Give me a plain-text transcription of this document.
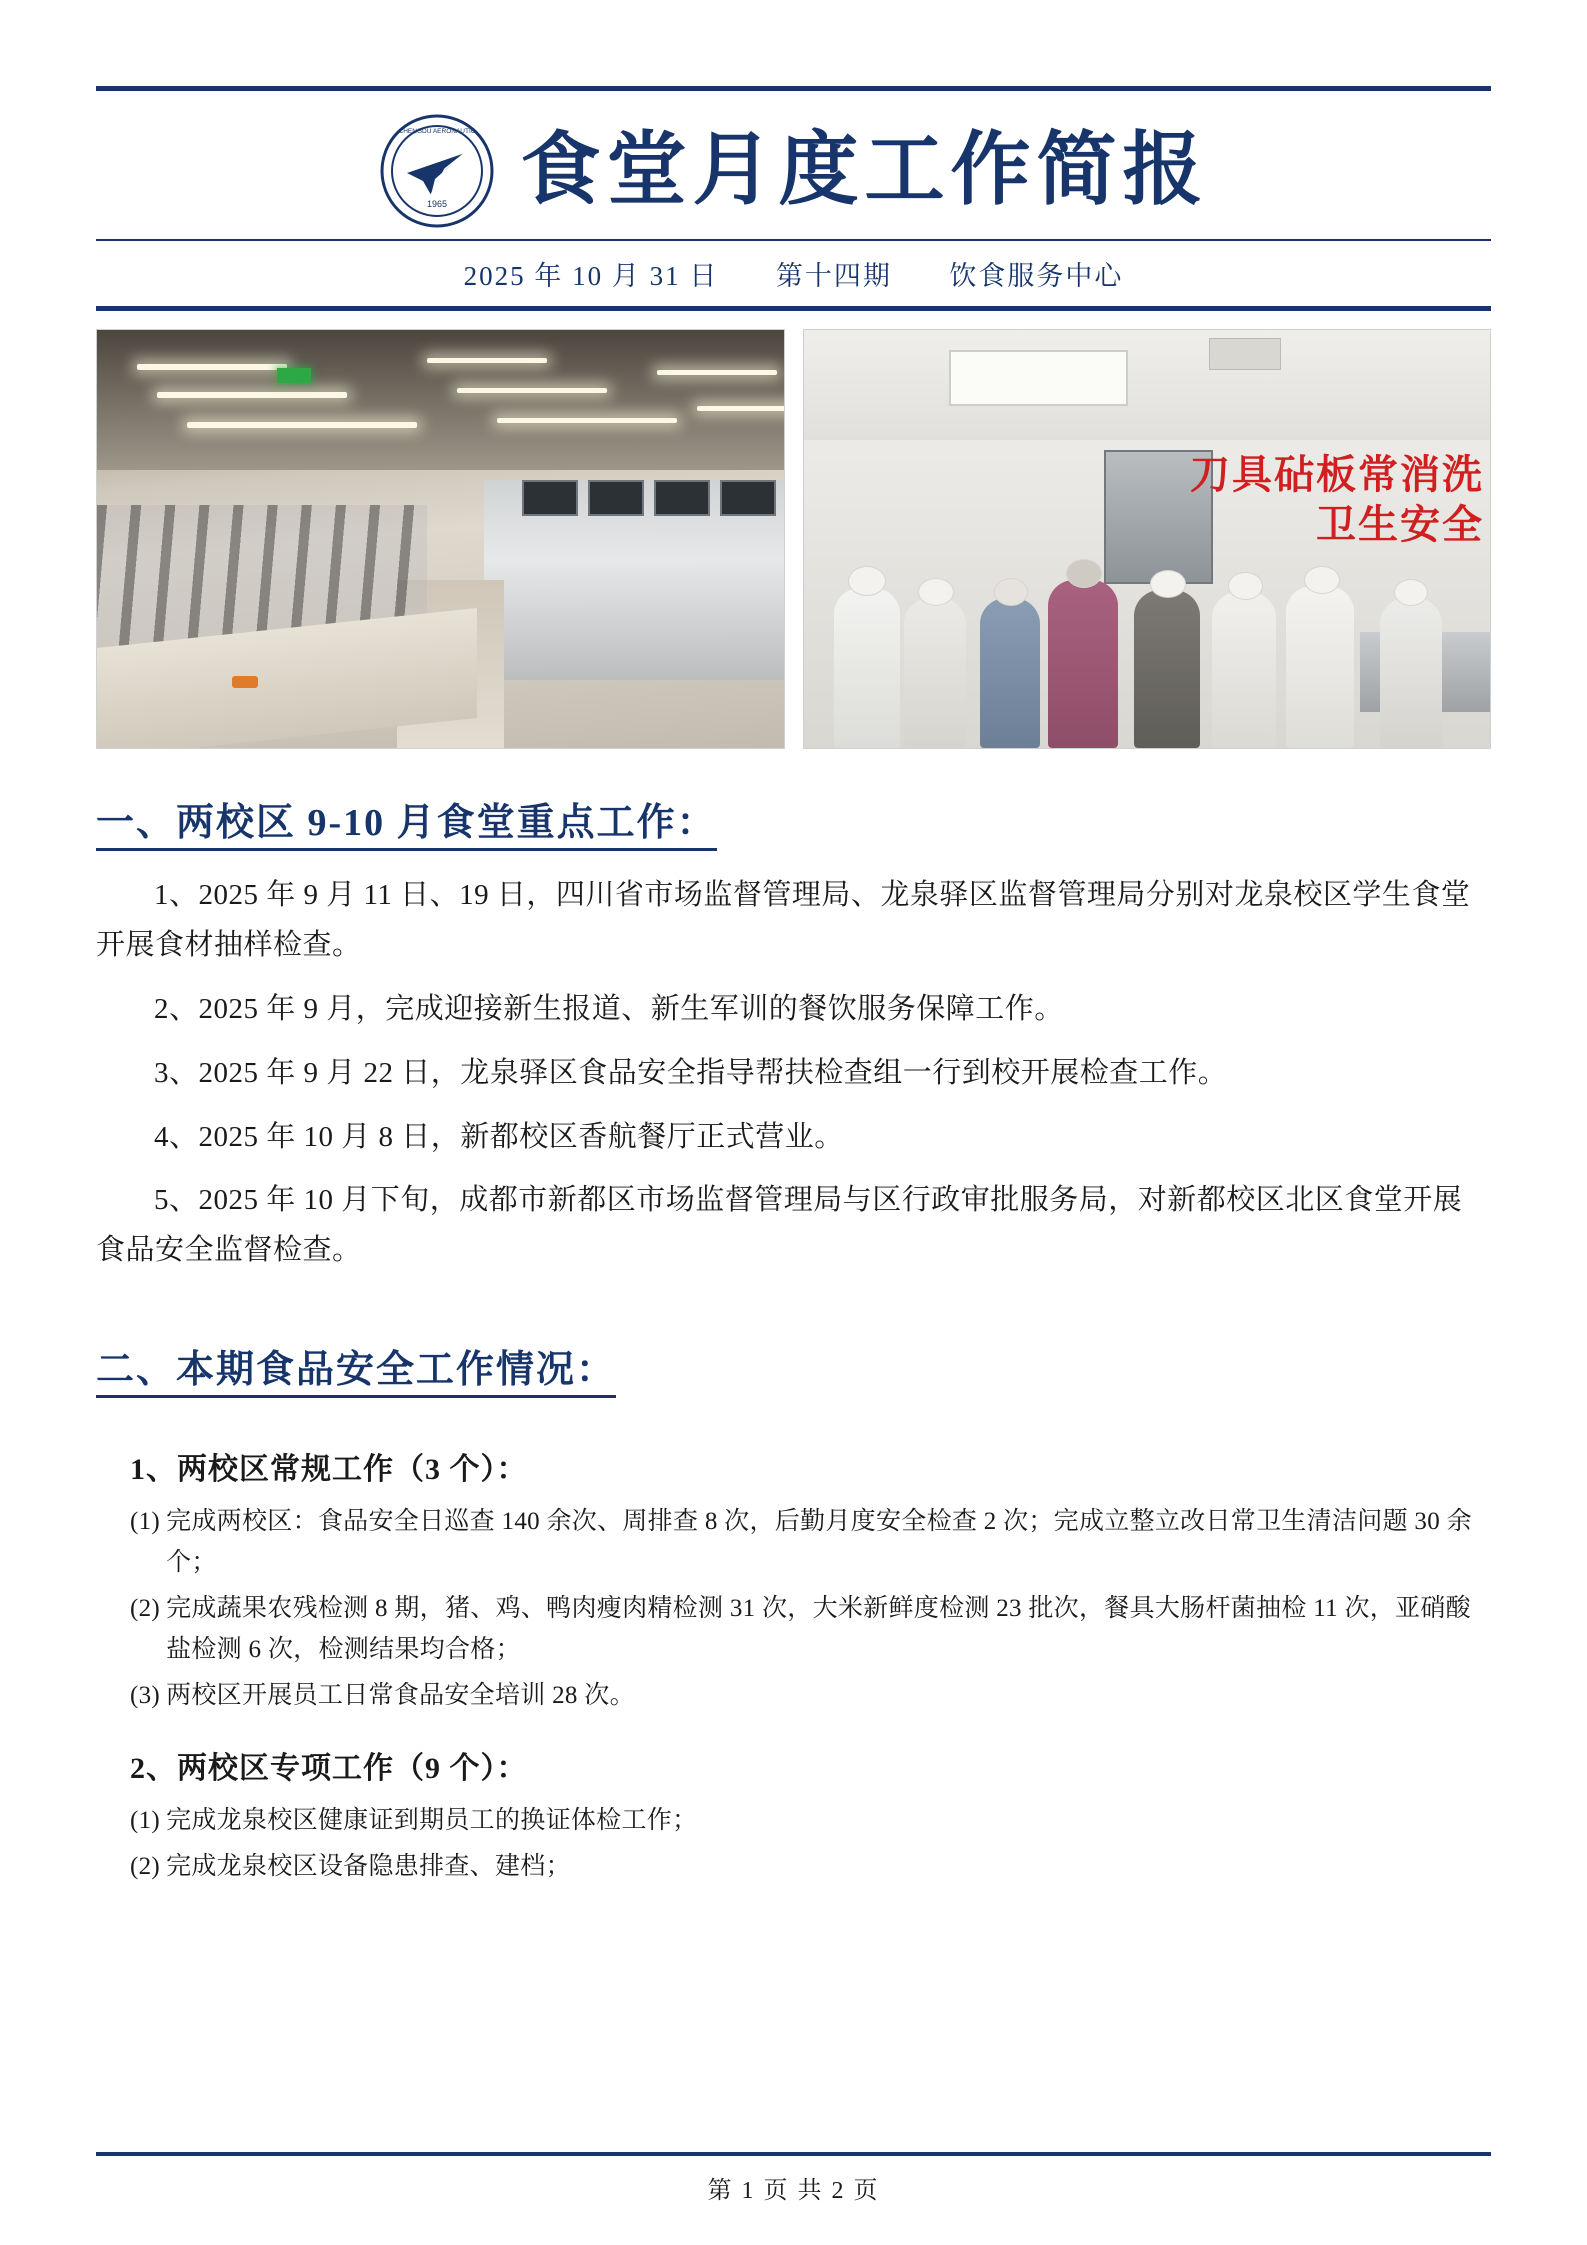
1965
CHENGDU AERONAUTIC 食堂月度工作简报
2025 年 10 月 31 日 第十四期 饮食服务中心
刀具砧板常消洗
卫生安全
一、两校区 9-10 月食堂重点工作：

1、2025 年 9 月 11 日、19 日，四川省市场监督管理局、龙泉驿区监督管理局分别对龙泉校区学生食堂开展食材抽样检查。

2、2025 年 9 月，完成迎接新生报道、新生军训的餐饮服务保障工作。

3、2025 年 9 月 22 日，龙泉驿区食品安全指导帮扶检查组一行到校开展检查工作。

4、2025 年 10 月 8 日，新都校区香航餐厅正式营业。

5、2025 年 10 月下旬，成都市新都区市场监督管理局与区行政审批服务局，对新都校区北区食堂开展食品安全监督检查。

二、本期食品安全工作情况：
1、两校区常规工作（3 个）：
(1) 完成两校区：食品安全日巡查 140 余次、周排查 8 次，后勤月度安全检查 2 次；完成立整立改日常卫生清洁问题 30 余个；
(2) 完成蔬果农残检测 8 期，猪、鸡、鸭肉瘦肉精检测 31 次，大米新鲜度检测 23 批次，餐具大肠杆菌抽检 11 次，亚硝酸盐检测 6 次，检测结果均合格；
(3) 两校区开展员工日常食品安全培训 28 次。
2、两校区专项工作（9 个）：
(1) 完成龙泉校区健康证到期员工的换证体检工作；
(2) 完成龙泉校区设备隐患排查、建档；
第 1 页 共 2 页
